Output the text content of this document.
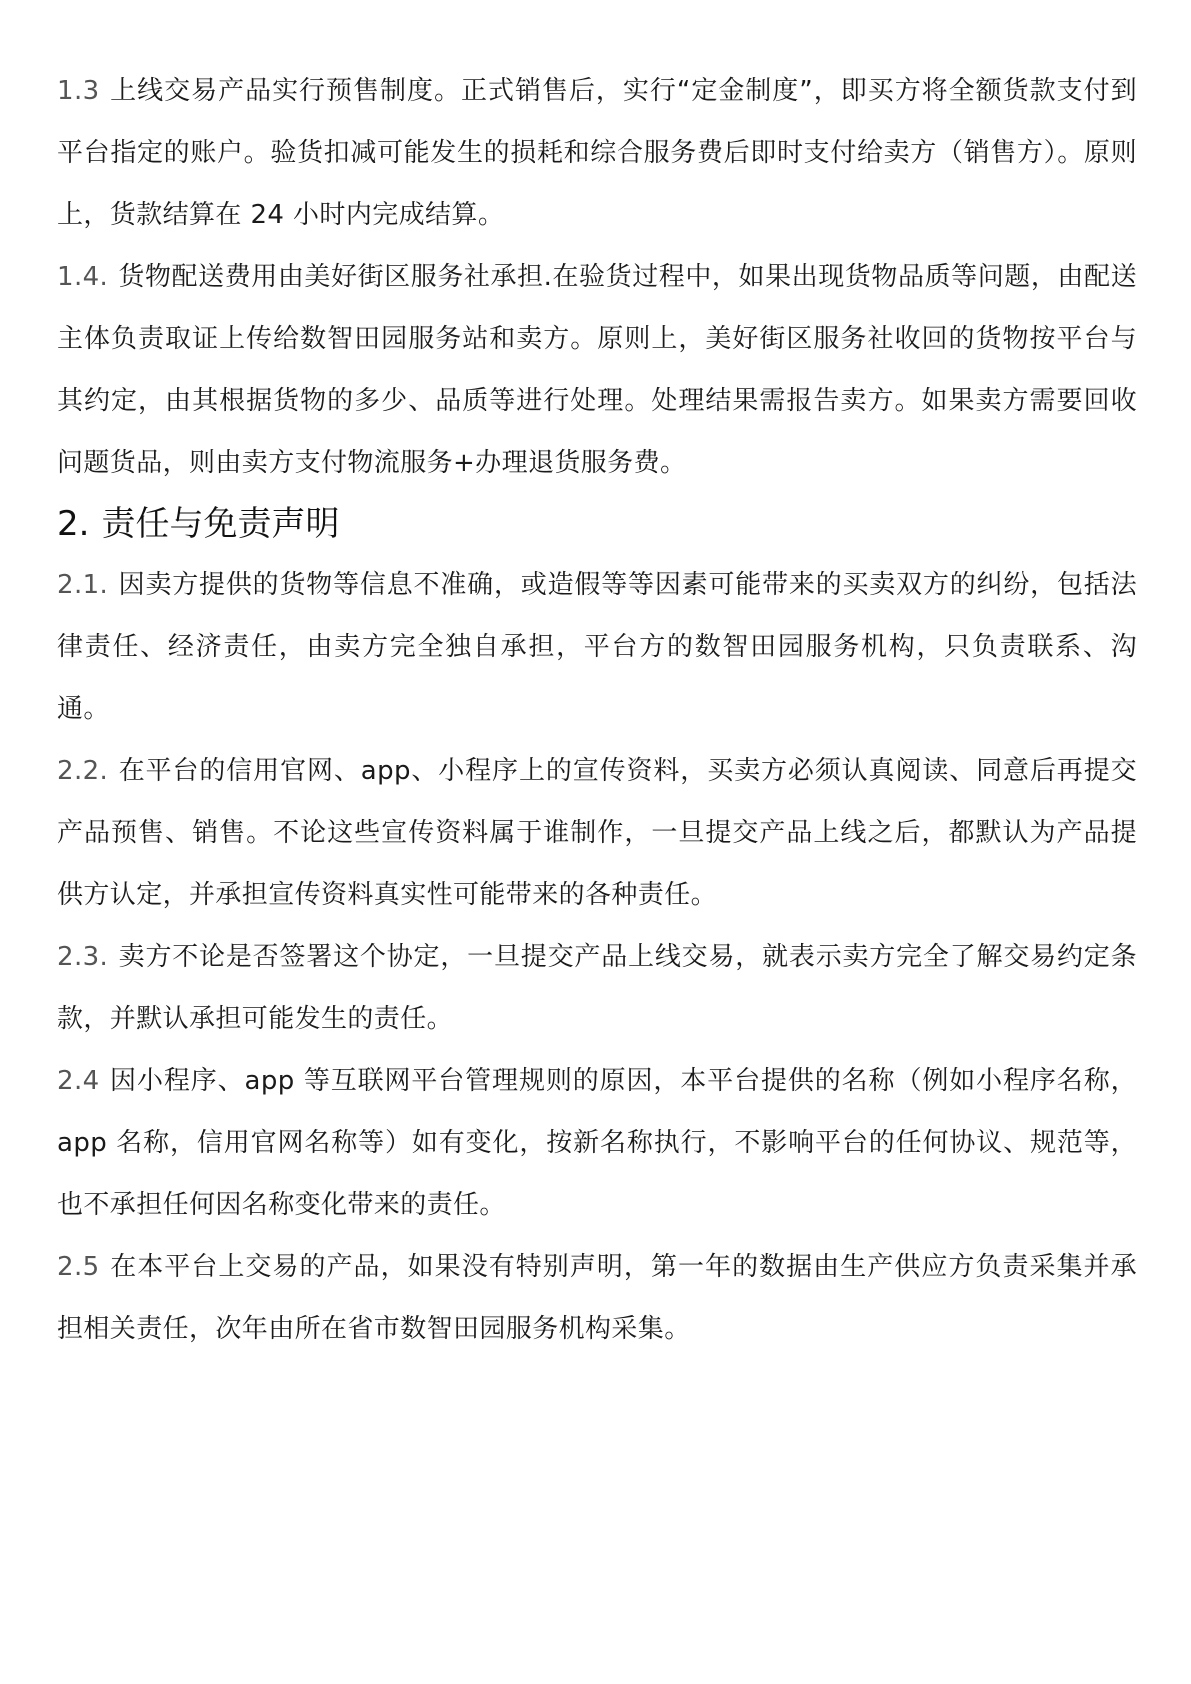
1.3 上线交易产品实行预售制度。正式销售后，实行“定金制度”，即买方将全额货款支付到平台指定的账户。验货扣减可能发生的损耗和综合服务费后即时支付给卖方（销售方）。原则上，货款结算在 24 小时内完成结算。

1.4. 货物配送费用由美好街区服务社承担.在验货过程中，如果出现货物品质等问题，由配送主体负责取证上传给数智田园服务站和卖方。原则上，美好街区服务社收回的货物按平台与其约定，由其根据货物的多少、品质等进行处理。处理结果需报告卖方。如果卖方需要回收问题货品，则由卖方支付物流服务+办理退货服务费。

2. 责任与免责声明

2.1. 因卖方提供的货物等信息不准确，或造假等等因素可能带来的买卖双方的纠纷，包括法律责任、经济责任，由卖方完全独自承担，平台方的数智田园服务机构，只负责联系、沟通。

2.2. 在平台的信用官网、app、小程序上的宣传资料，买卖方必须认真阅读、同意后再提交产品预售、销售。不论这些宣传资料属于谁制作，一旦提交产品上线之后，都默认为产品提供方认定，并承担宣传资料真实性可能带来的各种责任。

2.3. 卖方不论是否签署这个协定，一旦提交产品上线交易，就表示卖方完全了解交易约定条款，并默认承担可能发生的责任。

2.4 因小程序、app 等互联网平台管理规则的原因，本平台提供的名称（例如小程序名称，app 名称，信用官网名称等）如有变化，按新名称执行，不影响平台的任何协议、规范等，也不承担任何因名称变化带来的责任。

2.5 在本平台上交易的产品，如果没有特别声明，第一年的数据由生产供应方负责采集并承担相关责任，次年由所在省市数智田园服务机构采集。
